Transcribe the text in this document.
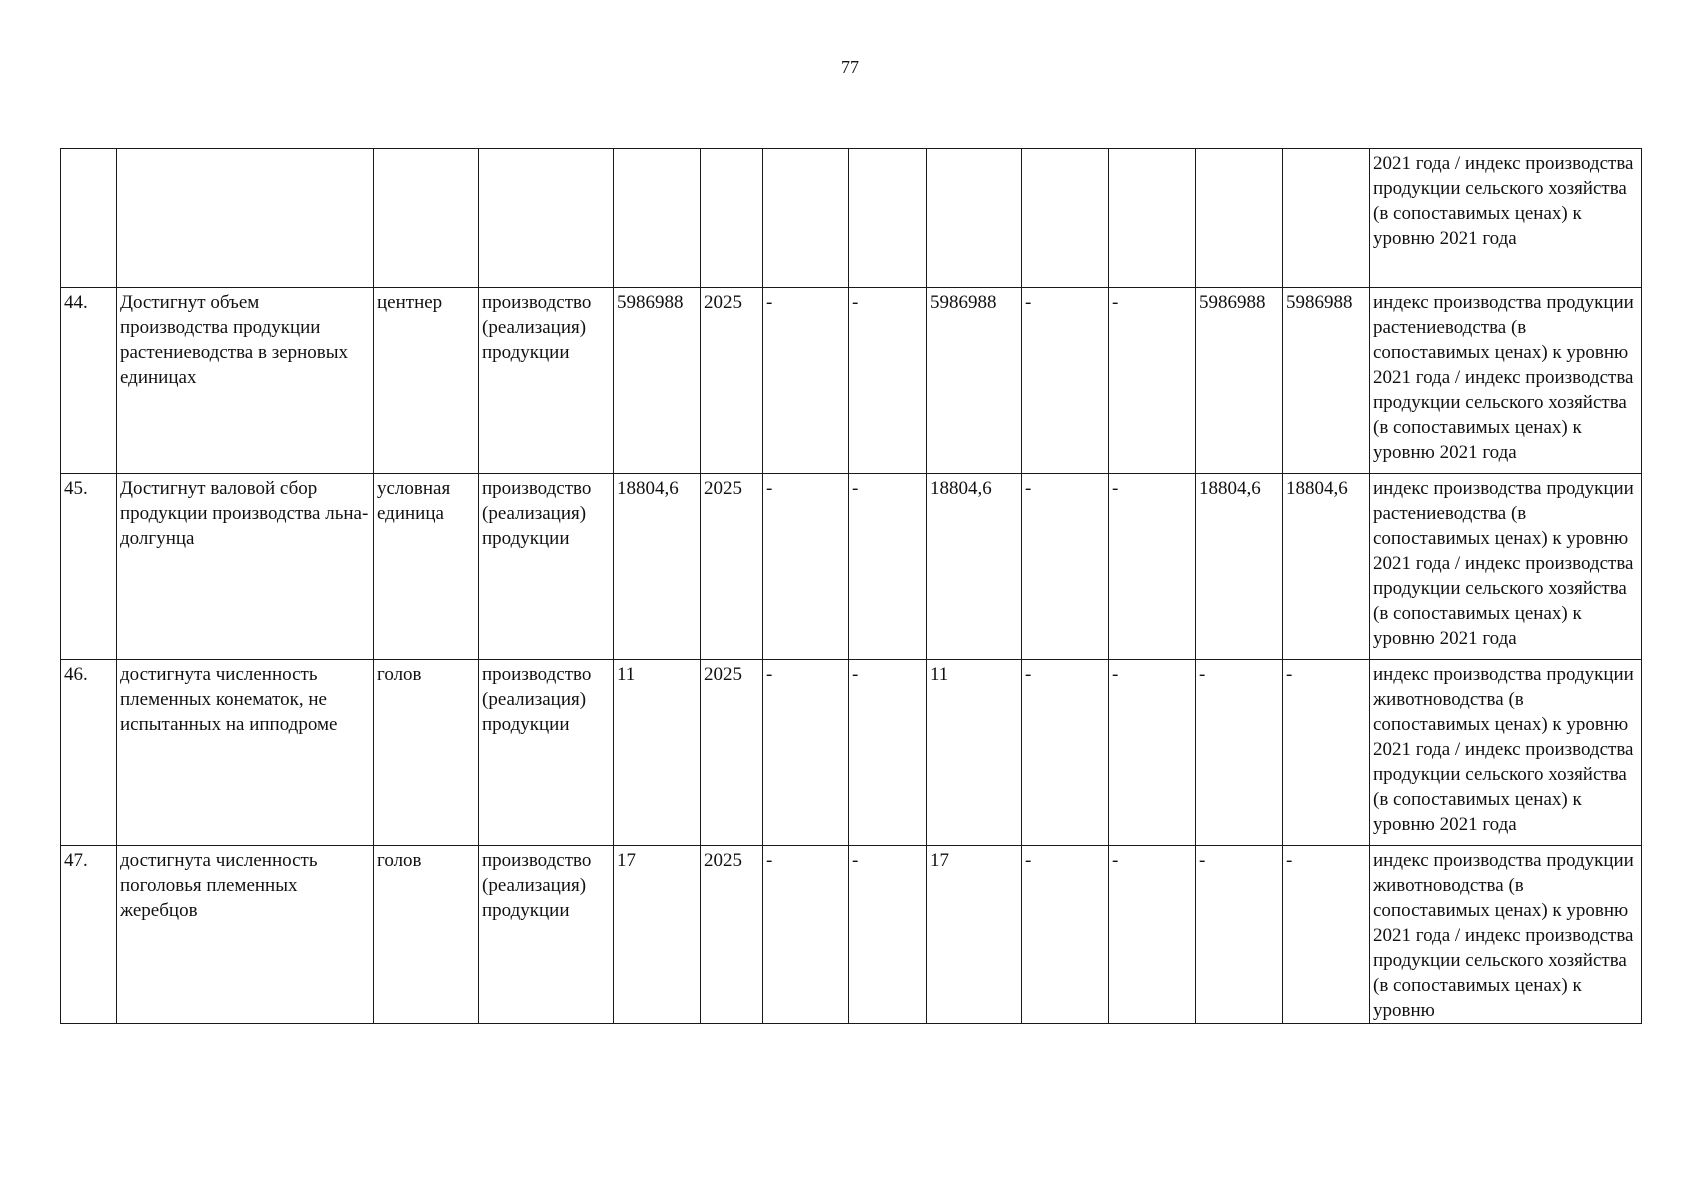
77
													2021 года / индекс производства продукции сельского хозяйства (в сопоставимых ценах) к уровню 2021 года
44.	Достигнут объем производства продукции растениеводства в зерновых единицах	центнер	производство (реализация) продукции	5986988	2025	-	-	5986988	-	-	5986988	5986988	индекс производства продукции растениеводства (в сопоставимых ценах) к уровню 2021 года / индекс производства продукции сельского хозяйства (в сопоставимых ценах) к уровню 2021 года
45.	Достигнут валовой сбор продукции производства льна-долгунца	условная единица	производство (реализация) продукции	18804,6	2025	-	-	18804,6	-	-	18804,6	18804,6	индекс производства продукции растениеводства (в сопоставимых ценах) к уровню 2021 года / индекс производства продукции сельского хозяйства (в сопоставимых ценах) к уровню 2021 года
46.	достигнута численность племенных конематок, не испытанных на ипподроме	голов	производство (реализация) продукции	11	2025	-	-	11	-	-	-	-	индекс производства продукции животноводства (в сопоставимых ценах) к уровню 2021 года / индекс производства продукции сельского хозяйства (в сопоставимых ценах) к уровню 2021 года
47.	достигнута численность поголовья племенных жеребцов	голов	производство (реализация) продукции	17	2025	-	-	17	-	-	-	-	индекс производства продукции животноводства (в сопоставимых ценах) к уровню 2021 года / индекс производства продукции сельского хозяйства (в сопоставимых ценах) к уровню
